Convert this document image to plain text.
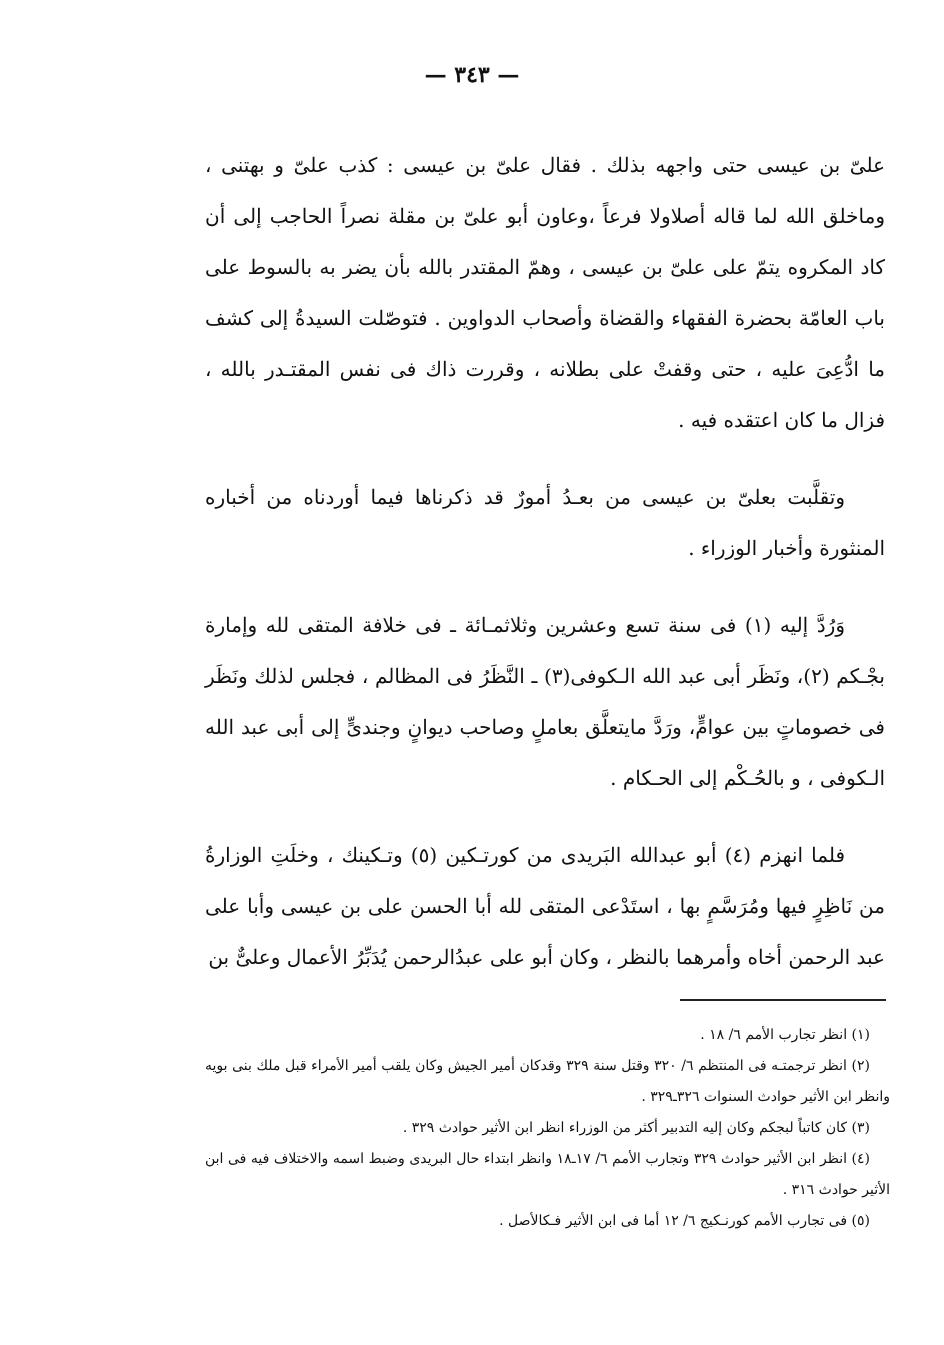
— ٣٤٣ —

علىّ بن عيسى حتى واجهه بذلك . فقال علىّ بن عيسى : كذب علىّ و بهتنى ، وماخلق الله لما قاله أصلاولا فرعاً ،وعاون أبو علىّ بن مقلة نصراً الحاجب إلى أن كاد المكروه يتمّ على علىّ بن عيسى ، وهمّ المقتدر بالله بأن يضر به بالسوط على باب العامّة بحضرة الفقهاء والقضاة وأصحاب الدواوين . فتوصّلت السيدةُ إلى كشف ما ادُّعِىَ عليه ، حتى وقفتْ على بطلانه ، وقررت ذاك فى نفس المقتـدر بالله ، فزال ما كان اعتقده فيه .

وتقلَّبت بعلىّ بن عيسى من بعـدُ أمورٌ قد ذكرناها فيما أوردناه من أخباره المنثورة وأخبار الوزراء .

وَرُدَّ إليه (١) فى سنة تسع وعشرين وثلاثمـائة ـ فى خلافة المتقى لله وإمارة بجْـكم (٢)، ونَظَر أبى عبد الله الـكوفى(٣) ـ النَّظَرُ فى المظالم ، فجلس لذلك ونَظَر فى خصوماتٍ بين عوامٍّ، ورَدَّ مايتعلَّق بعاملٍ وصاحب ديوانٍ وجندىٍّ إلى أبى عبد الله الـكوفى ، و بالحُـكْم إلى الحـكام .

فلما انهزم (٤) أبو عبدالله البَريدى من كورتـكين (٥) وتـكينك ، وخلَتِ الوزارةُ من نَاظِرٍ فيها ومُرَسَّمٍ بها ، استَدْعى المتقى لله أبا الحسن على بن عيسى وأبا على عبد الرحمن أخاه وأمرهما بالنظر ، وكان أبو على عبدُالرحمن يُدَبِّرُ الأعمال وعلىٌّ بن

(١) انظر تجارب الأمم ٦/ ١٨ .

(٢) انظر ترجمتـه فى المنتظم ٦/ ٣٢٠ وقتل سنة ٣٢٩ وقدكان أمير الجيش وكان يلقب أمير الأمراء قبل ملك بنى بويه وانظر ابن الأثير حوادث السنوات ٣٢٦ـ٣٢٩ .

(٣) كان كاتباً لبجكم وكان إليه التدبير أكثر من الوزراء انظر ابن الأثير حوادث ٣٢٩ .

(٤) انظر ابن الأثير حوادث ٣٢٩ وتجارب الأمم ٦/ ١٧ـ١٨ وانظر ابتداء حال البريدى وضبط اسمه والاختلاف فيه فى ابن الأثير حوادث ٣١٦ .

(٥) فى تجارب الأمم كورنـكيج ٦/ ١٢ أما فى ابن الأثير فـكالأصل .
